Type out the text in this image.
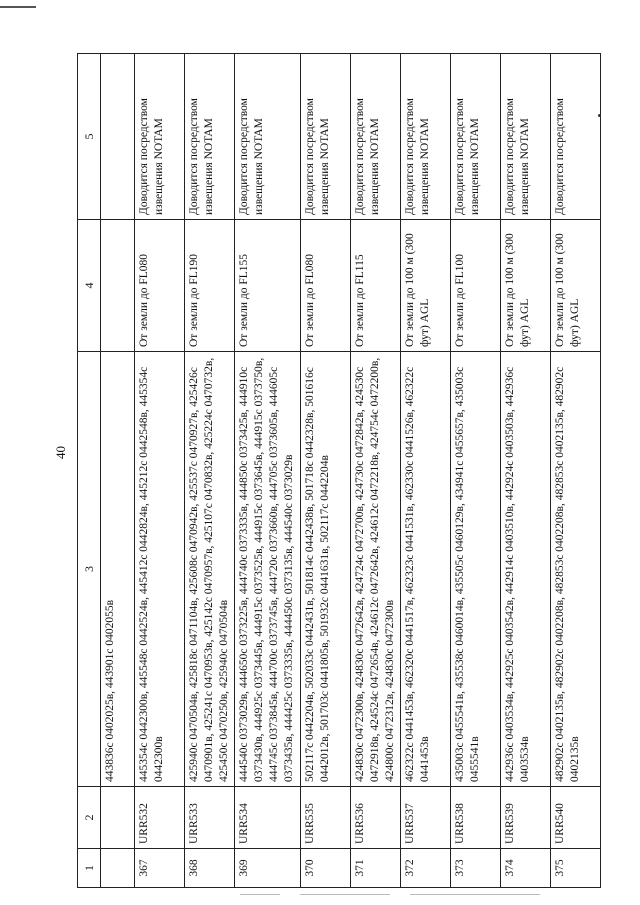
40
1	2	3	4	5
		443836с 0402025в, 443901с 0402055в		
367	URR532	445354с 0442300в, 445548с 0442524в, 445412с 0442824в, 445212с 0442548в, 445354с 0442300в	От земли до FL080	Доводится посредством извещения NOTAM
368	URR533	425940с 0470504в, 425818с 0471104в, 425608с 0470942в, 425537с 0470927в, 425426с 0470901в, 425241с 0470953в, 425142с 0470957в, 425107с 0470832в, 425224с 0470732в, 425450с 0470250в, 425940с 0470504в	От земли до FL190	Доводится посредством извещения NOTAM
369	URR534	444540с 0373029в, 444650с 0373225в, 444740с 0373335в, 444850с 0373425в, 444910с 0373430в, 444925с 0373445в, 444915с 0373525в, 444915с 0373645в, 444915с 0373750в, 444745с 0373845в, 444700с 0373745в, 444720с 0373660в, 444705с 0373605в, 444605с 0373435в, 444425с 0373335в, 444450с 0373135в, 444540с 0373029в	От земли до FL155	Доводится посредством извещения NOTAM
370	URR535	502117с 0442204в, 502033с 0442431в, 501814с 0442438в, 501718с 0442328в, 501616с 0442012в, 501703с 0441805в, 501932с 0441631в, 502117с 0442204в	От земли до FL080	Доводится посредством извещения NOTAM
371	URR536	424830с 0472300в, 424830с 0472642в, 424724с 0472700в, 424730с 0472842в, 424530с 0472918в, 424524с 0472654в, 424612с 0472642в, 424612с 0472218в, 424754с 0472200в, 424800с 0472312в, 424830с 0472300в	От земли до FL115	Доводится посредством извещения NOTAM
372	URR537	462322с 0441453в, 462320с 0441517в, 462323с 0441531в, 462330с 0441526в, 462322с 0441453в	От земли до 100 м (300 фут) AGL	Доводится посредством извещения NOTAM
373	URR538	435003с 0455541в, 435538с 0460014в, 435505с 0460129в, 434941с 0455657в, 435003с 0455541в	От земли до FL100	Доводится посредством извещения NOTAM
374	URR539	442936с 0403534в, 442925с 0403542в, 442914с 0403510в, 442924с 0403503в, 442936с 0403534в	От земли до 100 м (300 фут) AGL	Доводится посредством извещения NOTAM
375	URR540	482902с 0402135в, 482902с 0402208в, 482853с 0402208в, 482853с 0402135в, 482902с 0402135в	От земли до 100 м (300 фут) AGL	Доводится посредством
